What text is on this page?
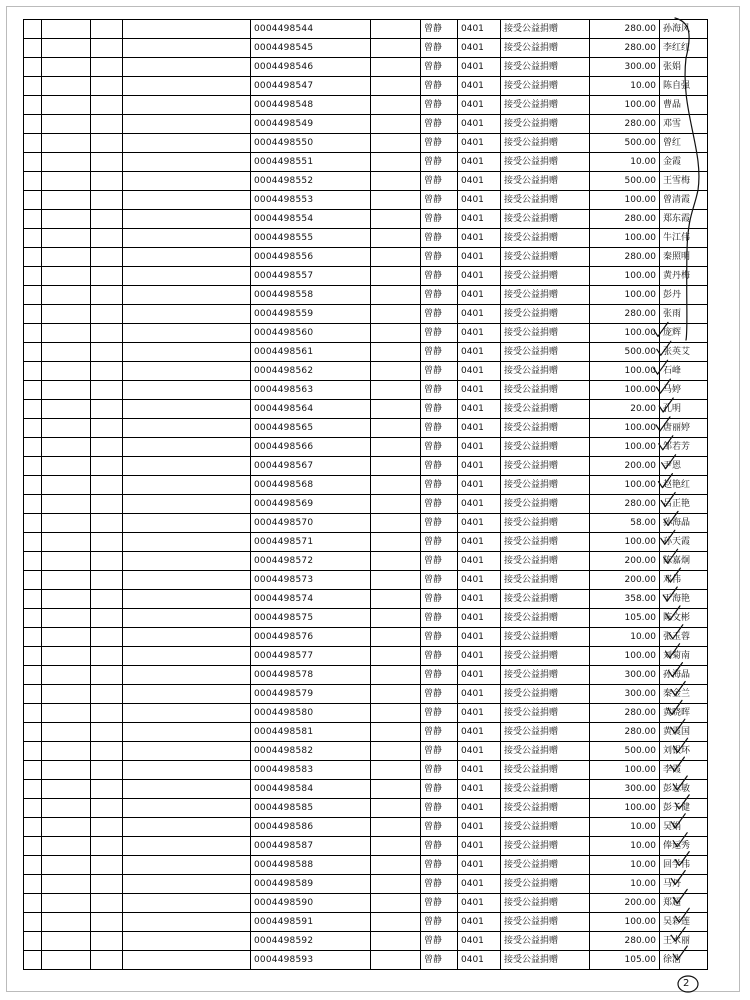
				0004498544		曾静	0401	接受公益捐赠	280.00	孙海风
				0004498545		曾静	0401	接受公益捐赠	280.00	李红红
				0004498546		曾静	0401	接受公益捐赠	300.00	张娟
				0004498547		曾静	0401	接受公益捐赠	10.00	陈自强
				0004498548		曾静	0401	接受公益捐赠	100.00	曹晶
				0004498549		曾静	0401	接受公益捐赠	280.00	邓雪
				0004498550		曾静	0401	接受公益捐赠	500.00	曾红
				0004498551		曾静	0401	接受公益捐赠	10.00	金霞
				0004498552		曾静	0401	接受公益捐赠	500.00	王雪梅
				0004498553		曾静	0401	接受公益捐赠	100.00	曾清霞
				0004498554		曾静	0401	接受公益捐赠	280.00	郑东霞
				0004498555		曾静	0401	接受公益捐赠	100.00	牛江伟
				0004498556		曾静	0401	接受公益捐赠	280.00	秦照明
				0004498557		曾静	0401	接受公益捐赠	100.00	黄丹梅
				0004498558		曾静	0401	接受公益捐赠	100.00	彭丹
				0004498559		曾静	0401	接受公益捐赠	280.00	张雨
				0004498560		曾静	0401	接受公益捐赠	100.00	庞辉
				0004498561		曾静	0401	接受公益捐赠	500.00	张英艾
				0004498562		曾静	0401	接受公益捐赠	100.00	石峰
				0004498563		曾静	0401	接受公益捐赠	100.00	马婷
				0004498564		曾静	0401	接受公益捐赠	20.00	孔明
				0004498565		曾静	0401	接受公益捐赠	100.00	唐丽婷
				0004498566		曾静	0401	接受公益捐赠	100.00	邹若芳
				0004498567		曾静	0401	接受公益捐赠	200.00	尹恩
				0004498568		曾静	0401	接受公益捐赠	100.00	赵艳红
				0004498569		曾静	0401	接受公益捐赠	280.00	吕正艳
				0004498570		曾静	0401	接受公益捐赠	58.00	孙海晶
				0004498571		曾静	0401	接受公益捐赠	100.00	孙天霞
				0004498572		曾静	0401	接受公益捐赠	200.00	陈嘉炯
				0004498573		曾静	0401	接受公益捐赠	200.00	邓伟
				0004498574		曾静	0401	接受公益捐赠	358.00	于海艳
				0004498575		曾静	0401	接受公益捐赠	105.00	陈文彬
				0004498576		曾静	0401	接受公益捐赠	10.00	张玉蓉
				0004498577		曾静	0401	接受公益捐赠	100.00	刘菊南
				0004498578		曾静	0401	接受公益捐赠	300.00	孙海晶
				0004498579		曾静	0401	接受公益捐赠	300.00	秦金兰
				0004498580		曾静	0401	接受公益捐赠	280.00	黄晓晖
				0004498581		曾静	0401	接受公益捐赠	280.00	黄震国
				0004498582		曾静	0401	接受公益捐赠	500.00	刘银环
				0004498583		曾静	0401	接受公益捐赠	100.00	李霞
				0004498584		曾静	0401	接受公益捐赠	300.00	彭志敏
				0004498585		曾静	0401	接受公益捐赠	100.00	彭子健
				0004498586		曾静	0401	接受公益捐赠	10.00	吴娟
				0004498587		曾静	0401	接受公益捐赠	10.00	俸运秀
				0004498588		曾静	0401	接受公益捐赠	10.00	回学伟
				0004498589		曾静	0401	接受公益捐赠	10.00	马丹
				0004498590		曾静	0401	接受公益捐赠	200.00	郑超
				0004498591		曾静	0401	接受公益捐赠	100.00	吴彩莲
				0004498592		曾静	0401	接受公益捐赠	280.00	王水丽
				0004498593		曾静	0401	接受公益捐赠	105.00	徐浩
2
